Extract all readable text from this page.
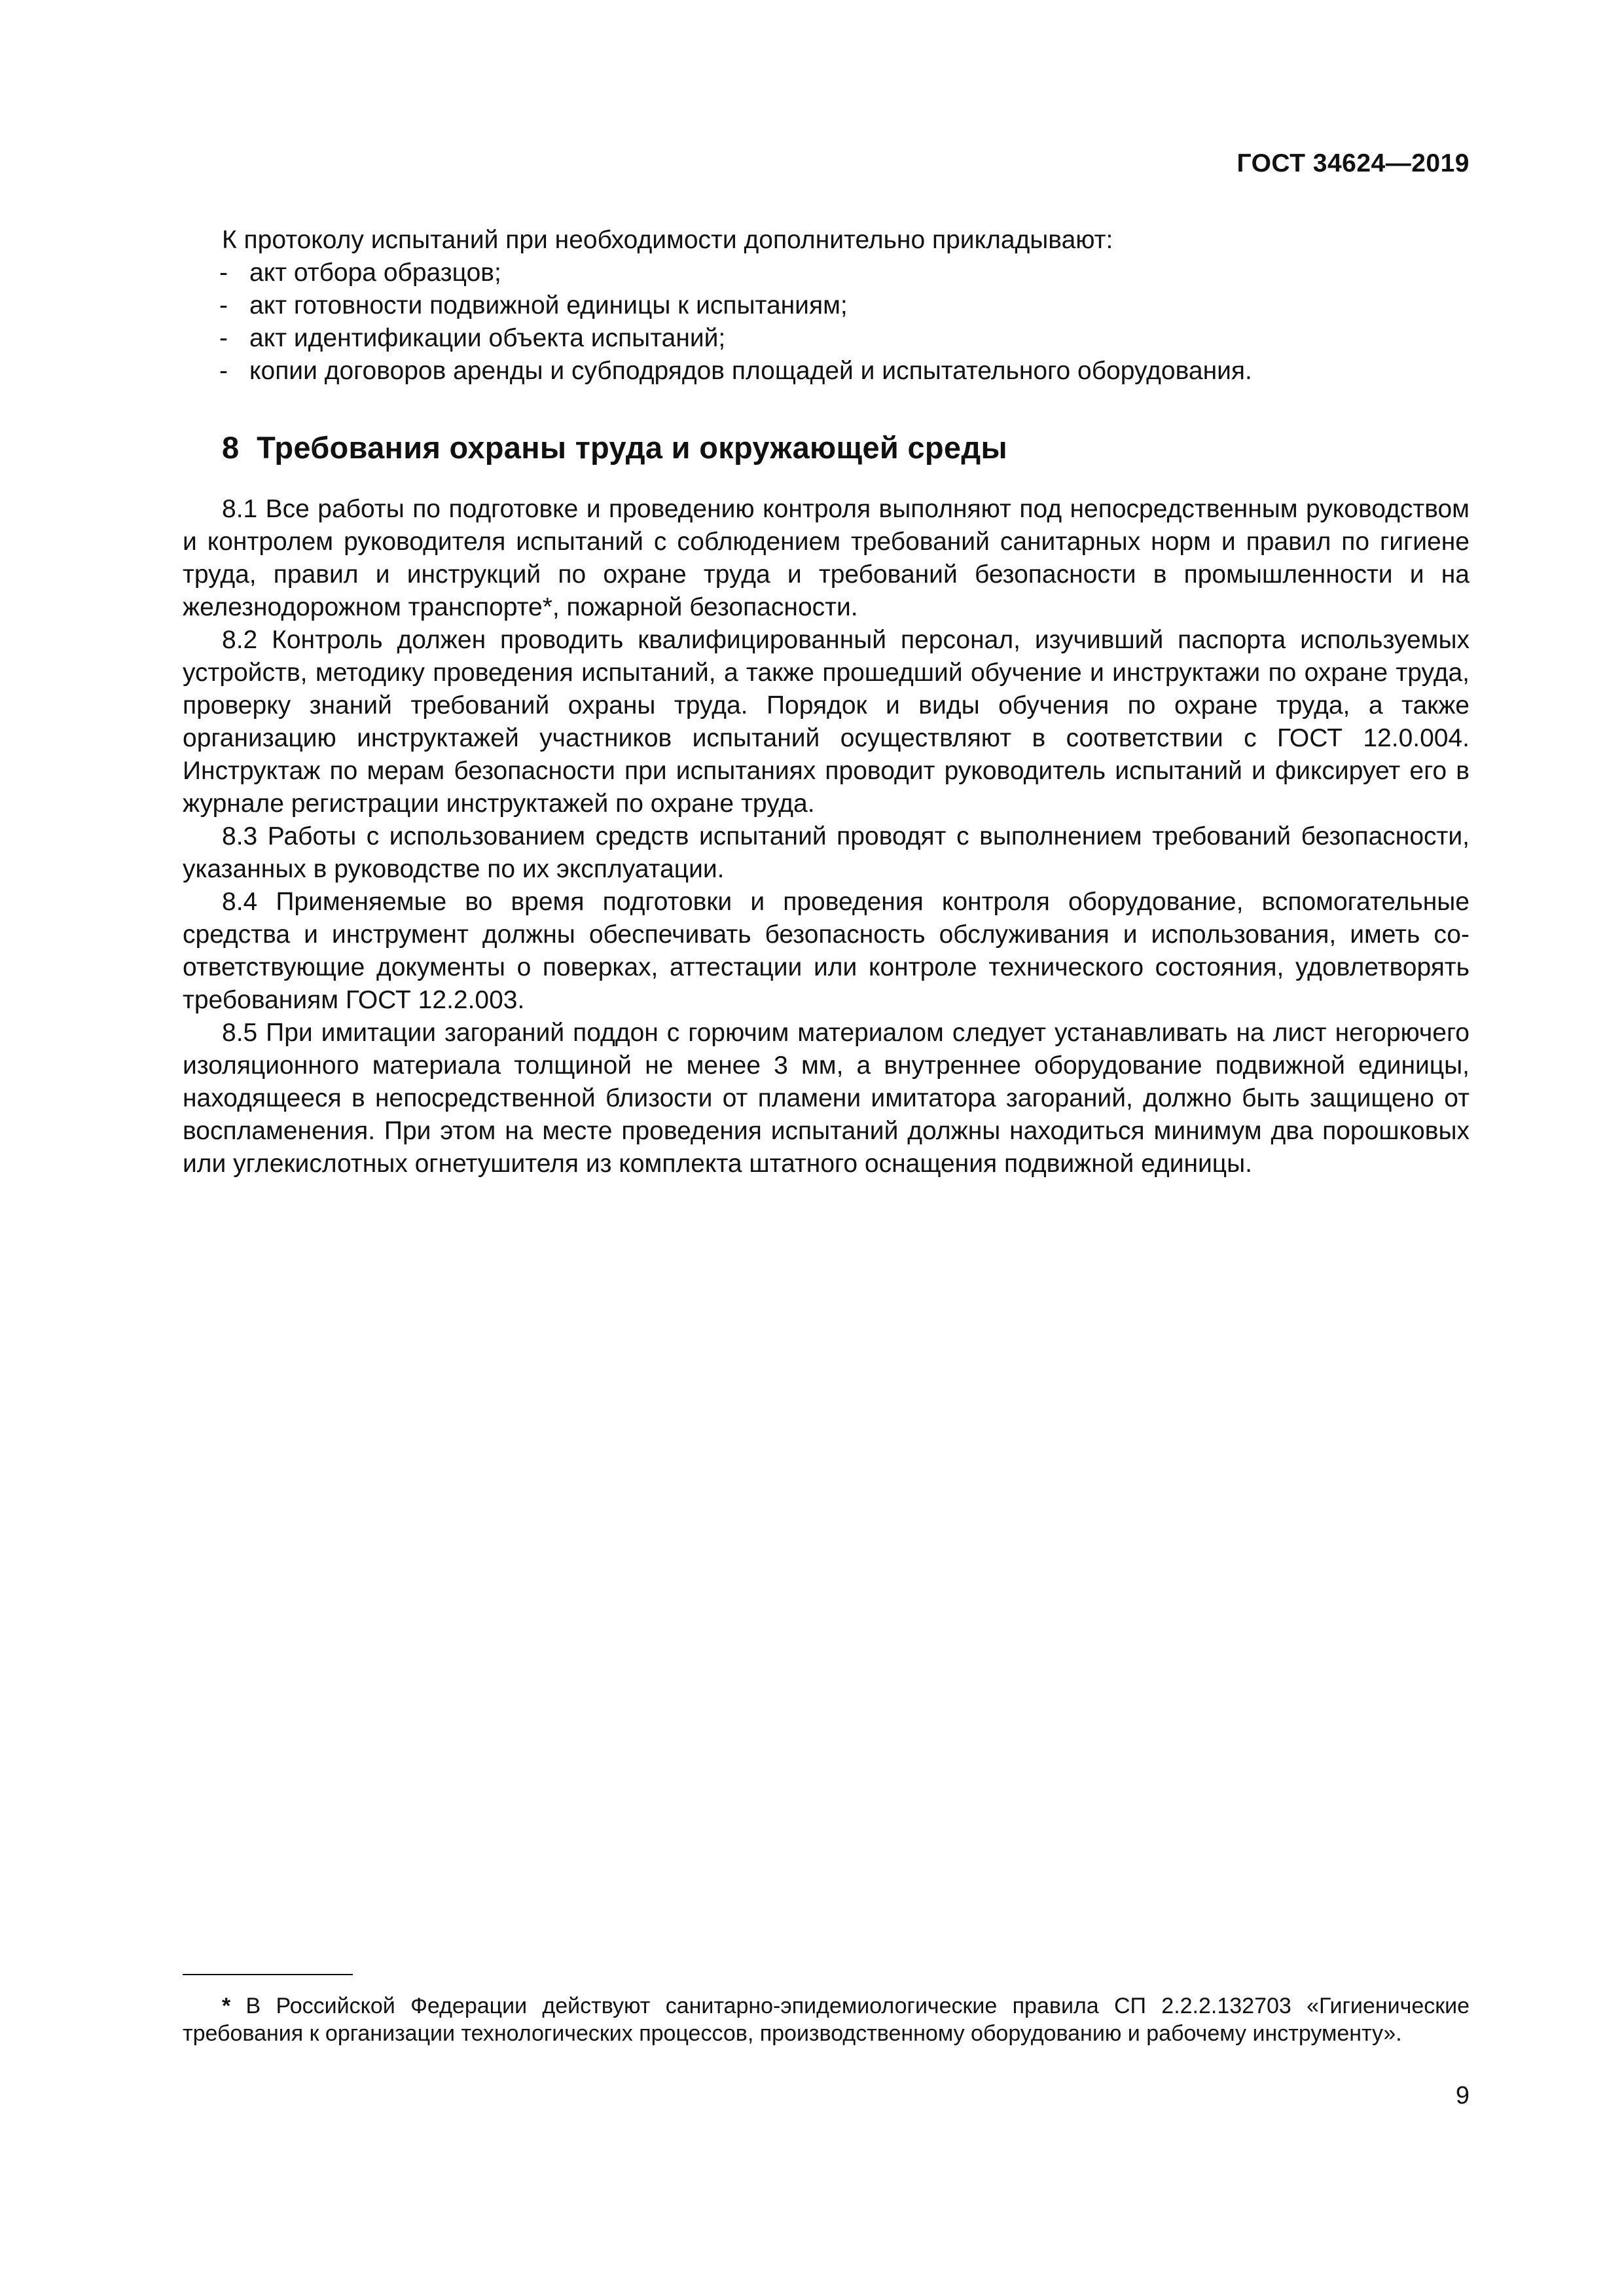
ГОСТ 34624—2019

К протоколу испытаний при необходимости дополнительно прикладывают:

- акт отбора образцов;
- акт готовности подвижной единицы к испытаниям;
- акт идентификации объекта испытаний;
- копии договоров аренды и субподрядов площадей и испытательного оборудования.
8  Требования охраны труда и окружающей среды

8.1 Все работы по подготовке и проведению контроля выполняют под непосредственным руководством и контролем руководителя испытаний с соблюдением требований санитарных норм и правил по гигиене труда, правил и инструкций по охране труда и требований безопасности в промышленности и на железнодорожном транспорте*, пожарной безопасности.

8.2 Контроль должен проводить квалифицированный персонал, изучивший паспорта используемых устройств, методику проведения испытаний, а также прошедший обучение и инструктажи по охране труда, проверку знаний требований охраны труда. Порядок и виды обучения по охране труда, а также организацию инструктажей участников испытаний осуществляют в соответствии с ГОСТ 12.0.004. Инструктаж по мерам безопасности при испытаниях проводит руководитель испытаний и фиксирует его в журнале регистрации инструктажей по охране труда.

8.3 Работы с использованием средств испытаний проводят с выполнением требований безопасности, указанных в руководстве по их эксплуатации.

8.4 Применяемые во время подготовки и проведения контроля оборудование, вспомогательные средства и инструмент должны обеспечивать безопасность обслуживания и использования, иметь соответствующие документы о поверках, аттестации или контроле технического состояния, удовлетворять требованиям ГОСТ 12.2.003.

8.5 При имитации загораний поддон с горючим материалом следует устанавливать на лист негорючего изоляционного материала толщиной не менее 3 мм, а внутреннее оборудование подвижной единицы, находящееся в непосредственной близости от пламени имитатора загораний, должно быть защищено от воспламенения. При этом на месте проведения испытаний должны находиться минимум два порошковых или углекислотных огнетушителя из комплекта штатного оснащения подвижной единицы.

* В Российской Федерации действуют санитарно-эпидемиологические правила СП 2.2.2.132703 «Гигиенические требования к организации технологических процессов, производственному оборудованию и рабочему инструменту».
9
